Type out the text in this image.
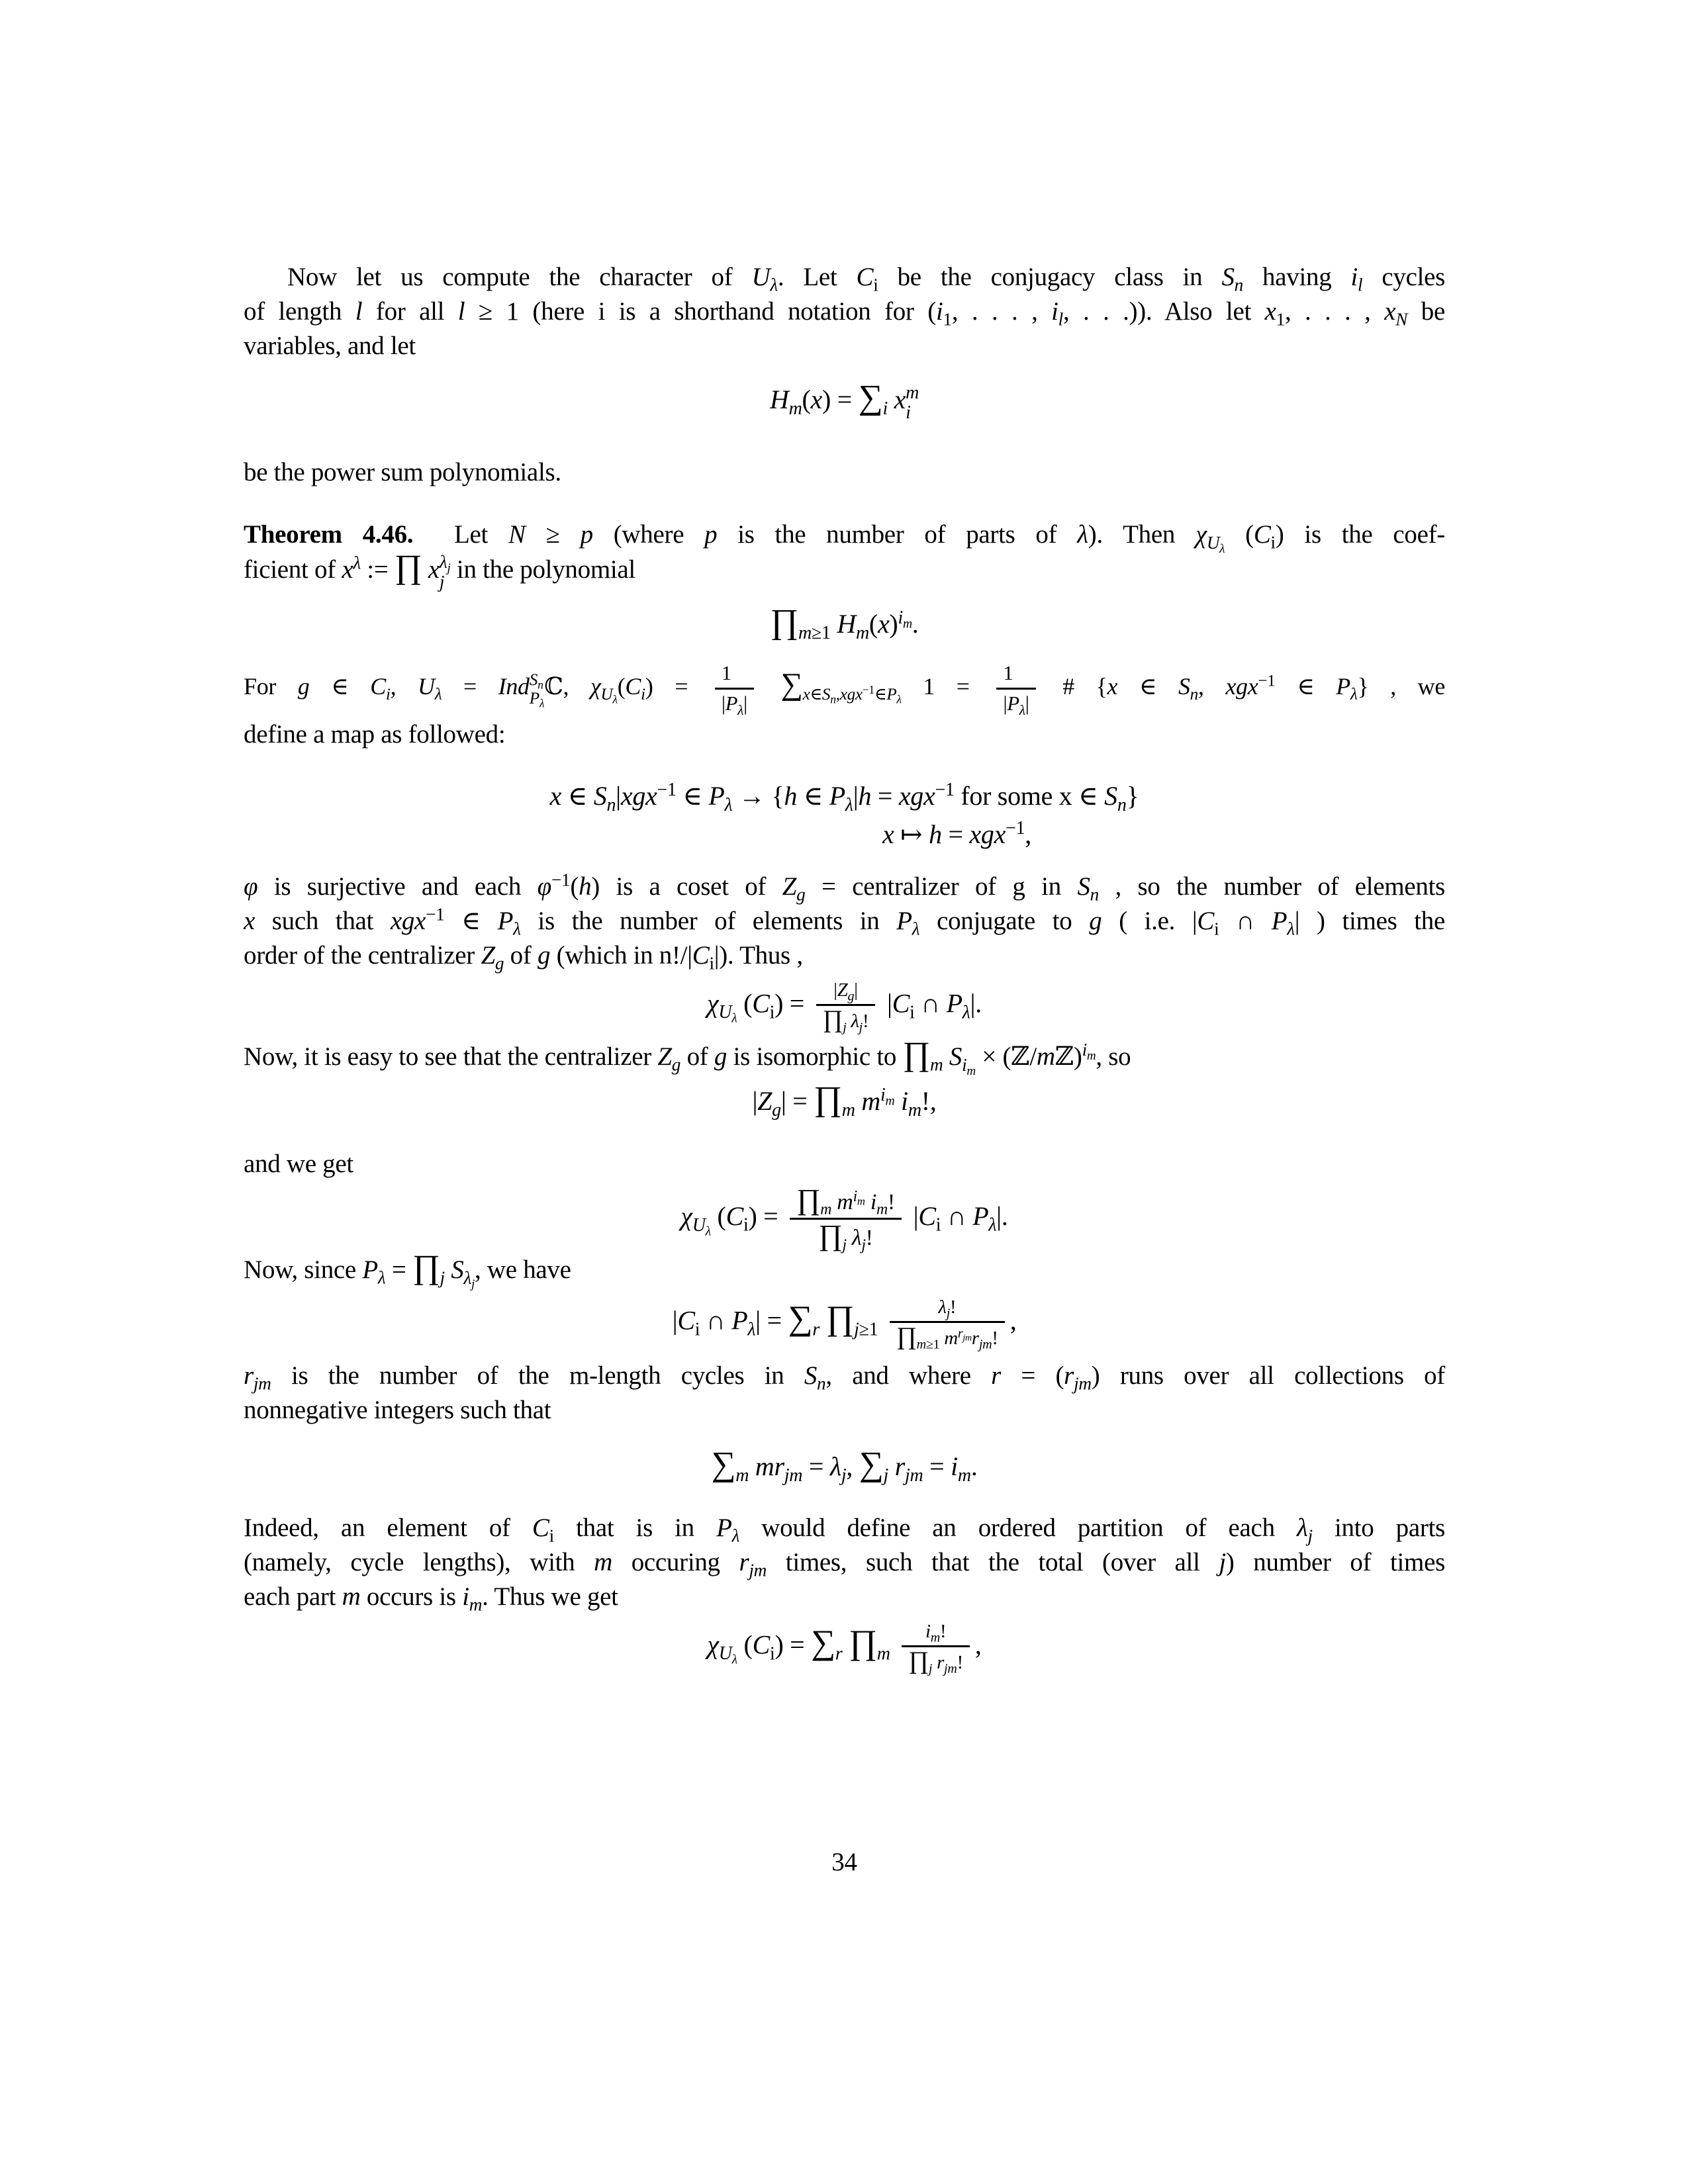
Now let us compute the character of $U_\lambda$. Let $C_i$ be the conjugacy class in $S_n$ having $i_l$ cycles
of length l for all l ≥ 1 (here i is a shorthand notation for ($i_1$, . . . , $i_l$, . . .)). Also let $x_1$, . . . , $x_N$ be
variables, and let
$H_m(x) = \sum_i$ x m
i
be the power sum polynomials.
Theorem 4.46.  Let N ≥ p (where p is the number of parts of λ). Then $\chi_{U_\lambda}$ $(C_i)$ is the coef-
ficient of $x^\lambda$ := ∏ x $\lambda_j$
j in the polynomial
$\prod_{m\ge 1}$ $H_m(x)^{i_m}$.
For g ∈ $C_i$, $U_\lambda$ = Ind $S_n$
$P_\lambda$
ℂ, $\chi_{U_\lambda}(C_i) = \frac{1}{|P_\lambda|} \sum_{x\in S_n,xgx^{-1}\in P_\lambda}$ $1 = \frac{1}{|P_\lambda|}$ # {x ∈ $S_n$, xgx$^{-1}$ ∈ $P_\lambda$} , we
define a map as followed:
x ∈ $S_n|xgx^{-1}$ ∈ $P_\lambda \to \{h$ ∈ $P_\lambda|h = xgx^{-1}$ for some x ∈ $S_n$}
x ↦ h = xgx$^{-1}$,
φ is surjective and each $\varphi^{-1}(h)$ is a coset of $Z_g$ = centralizer of g in $S_n$ , so the number of elements
x such that xgx$^{-1}$ ∈ $P_\lambda$ is the number of elements in $P_\lambda$ conjugate to g ( i.e. $|C_i$ ∩ $P_\lambda|$ ) times the
order of the centralizer $Z_g$ of g (which in $n!/|C_i|$). Thus ,
$\chi_{U_\lambda}$ $(C_i) = \frac{|Z_g|}{\prod_j \lambda_j!} |C_i$ ∩ $P_\lambda|$.
Now, it is easy to see that the centralizer $Z_g$ of g is isomorphic to $\prod_m$ $S_{i_m}$ × (ℤ/mℤ)$^{i_m}$, so
$|Z_g|$ = $\prod_m$ $m^{i_m}$ $i_m$!,
and we get
$\chi_{U_\lambda}$ $(C_i) = \frac{\prod_m m^{i_m} i_m!}{\prod_j \lambda_j!} |C_i$ ∩ $P_\lambda|$.
Now, since $P_\lambda$ = $\prod_j$ $S_{\lambda_j}$, we have
$|C_i$ ∩ $P_\lambda| = \sum_r$ $\prod_{j\ge 1} \frac{\lambda_j!}{\prod_{m\ge 1} m^{r_{jm}}r_{jm}!}$ ,
$r_{jm}$ is the number of the m-length cycles in $S_n$, and where $r = (r_{jm})$ runs over all collections of
nonnegative integers such that
$\sum_m$ $mr_{jm} = \lambda_j$, $\sum_j$ $r_{jm} = i_m$.
Indeed, an element of $C_i$ that is in $P_\lambda$ would define an ordered partition of each $\lambda_j$ into parts
(namely, cycle lengths), with m occuring $r_{jm}$ times, such that the total (over all j) number of times
each part m occurs is $i_m$. Thus we get
$\chi_{U_\lambda}$ $(C_i) = \sum_r$ $\prod_m \frac{i_m!}{\prod_j r_{jm}!}$ ,
34
